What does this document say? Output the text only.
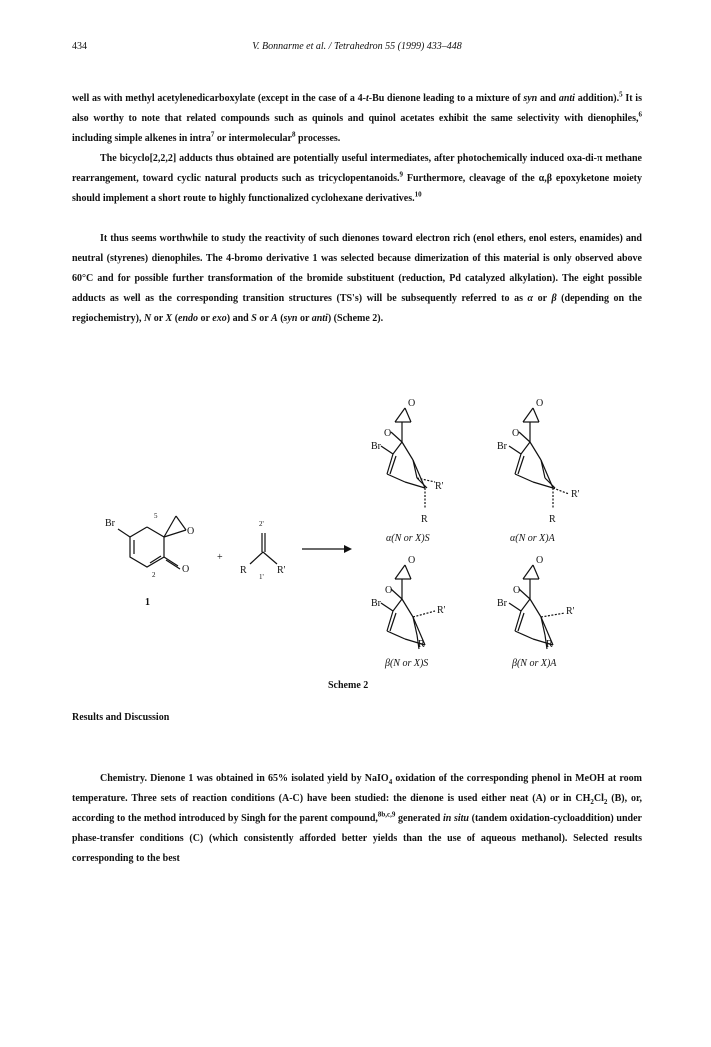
434	V. Bonnarme et al. / Tetrahedron 55 (1999) 433–448
well as with methyl acetylenedicarboxylate (except in the case of a 4-t-Bu dienone leading to a mixture of syn and anti addition).$^5$ It is also worthy to note that related compounds such as quinols and quinol acetates exhibit the same selectivity with dienophiles,$^6$ including simple alkenes in intra$^7$ or intermolecular$^8$ processes.
The bicyclo[2,2,2] adducts thus obtained are potentially useful intermediates, after photochemically induced oxa-di-π methane rearrangement, toward cyclic natural products such as tricyclopentanoids.$^9$ Furthermore, cleavage of the α,β epoxyketone moiety should implement a short route to highly functionalized cyclohexane derivatives.$^{10}$
It thus seems worthwhile to study the reactivity of such dienones toward electron rich (enol ethers, enol esters, enamides) and neutral (styrenes) dienophiles. The 4-bromo derivative 1 was selected because dimerization of this material is only observed above 60°C and for possible further transformation of the bromide substituent (reduction, Pd catalyzed alkylation). The eight possible adducts as well as the corresponding transition structures (TS's) will be subsequently referred to as α or β (depending on the regiochemistry), N or X (endo or exo) and S or A (syn or anti) (Scheme 2).
Br
O
O
5
2
1
+
2'
R
1'
R'
O
O
Br
R'
R
α(N or X)S
O
O
Br
R'
R
α(N or X)A
O
O
Br
R'
R
β(N or X)S
O
O
Br
R'
R
β(N or X)A
Scheme 2
Results and Discussion
Chemistry. Dienone 1 was obtained in 65% isolated yield by NaIO$_4$ oxidation of the corresponding phenol in MeOH at room temperature. Three sets of reaction conditions (A-C) have been studied: the dienone is used either neat (A) or in $CH_2Cl_2$ (B), or, according to the method introduced by Singh for the parent compound,$^{8b,c,9}$ generated in situ (tandem oxidation-cycloaddition) under phase-transfer conditions (C) (which consistently afforded better yields than the use of aqueous methanol). Selected results corresponding to the best
